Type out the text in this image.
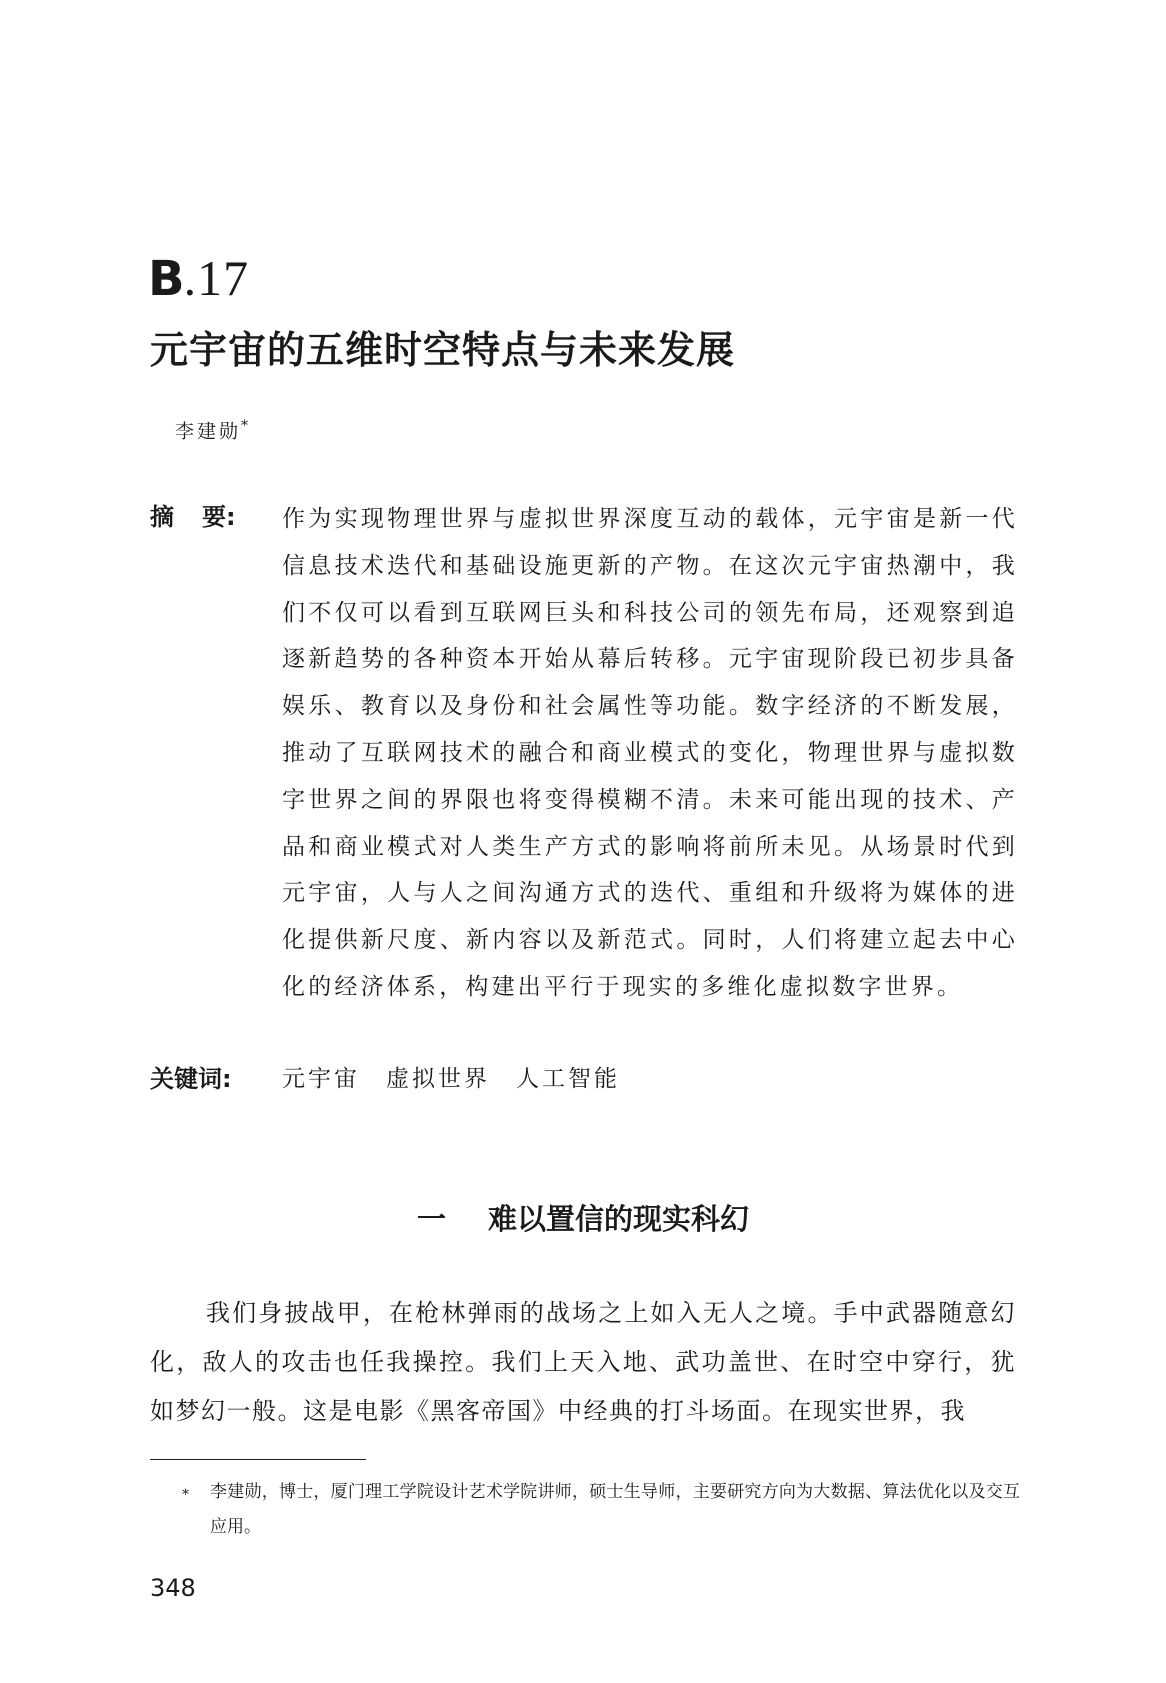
B.17
元宇宙的五维时空特点与未来发展
李建勋*
摘 要: 作为实现物理世界与虚拟世界深度互动的载体，元宇宙是新一代信息技术迭代和基础设施更新的产物。在这次元宇宙热潮中，我们不仅可以看到互联网巨头和科技公司的领先布局，还观察到追逐新趋势的各种资本开始从幕后转移。元宇宙现阶段已初步具备娱乐、教育以及身份和社会属性等功能。数字经济的不断发展，推动了互联网技术的融合和商业模式的变化，物理世界与虚拟数字世界之间的界限也将变得模糊不清。未来可能出现的技术、产品和商业模式对人类生产方式的影响将前所未见。从场景时代到元宇宙，人与人之间沟通方式的迭代、重组和升级将为媒体的进化提供新尺度、新内容以及新范式。同时，人们将建立起去中心化的经济体系，构建出平行于现实的多维化虚拟数字世界。
关键词: 元宇宙 虚拟世界 人工智能
一 难以置信的现实科幻
我们身披战甲，在枪林弹雨的战场之上如入无人之境。手中武器随意幻化，敌人的攻击也任我操控。我们上天入地、武功盖世、在时空中穿行，犹如梦幻一般。这是电影《黑客帝国》中经典的打斗场面。在现实世界，我
*	李建勋，博士，厦门理工学院设计艺术学院讲师，硕士生导师，主要研究方向为大数据、算法优化以及交互应用。
348
